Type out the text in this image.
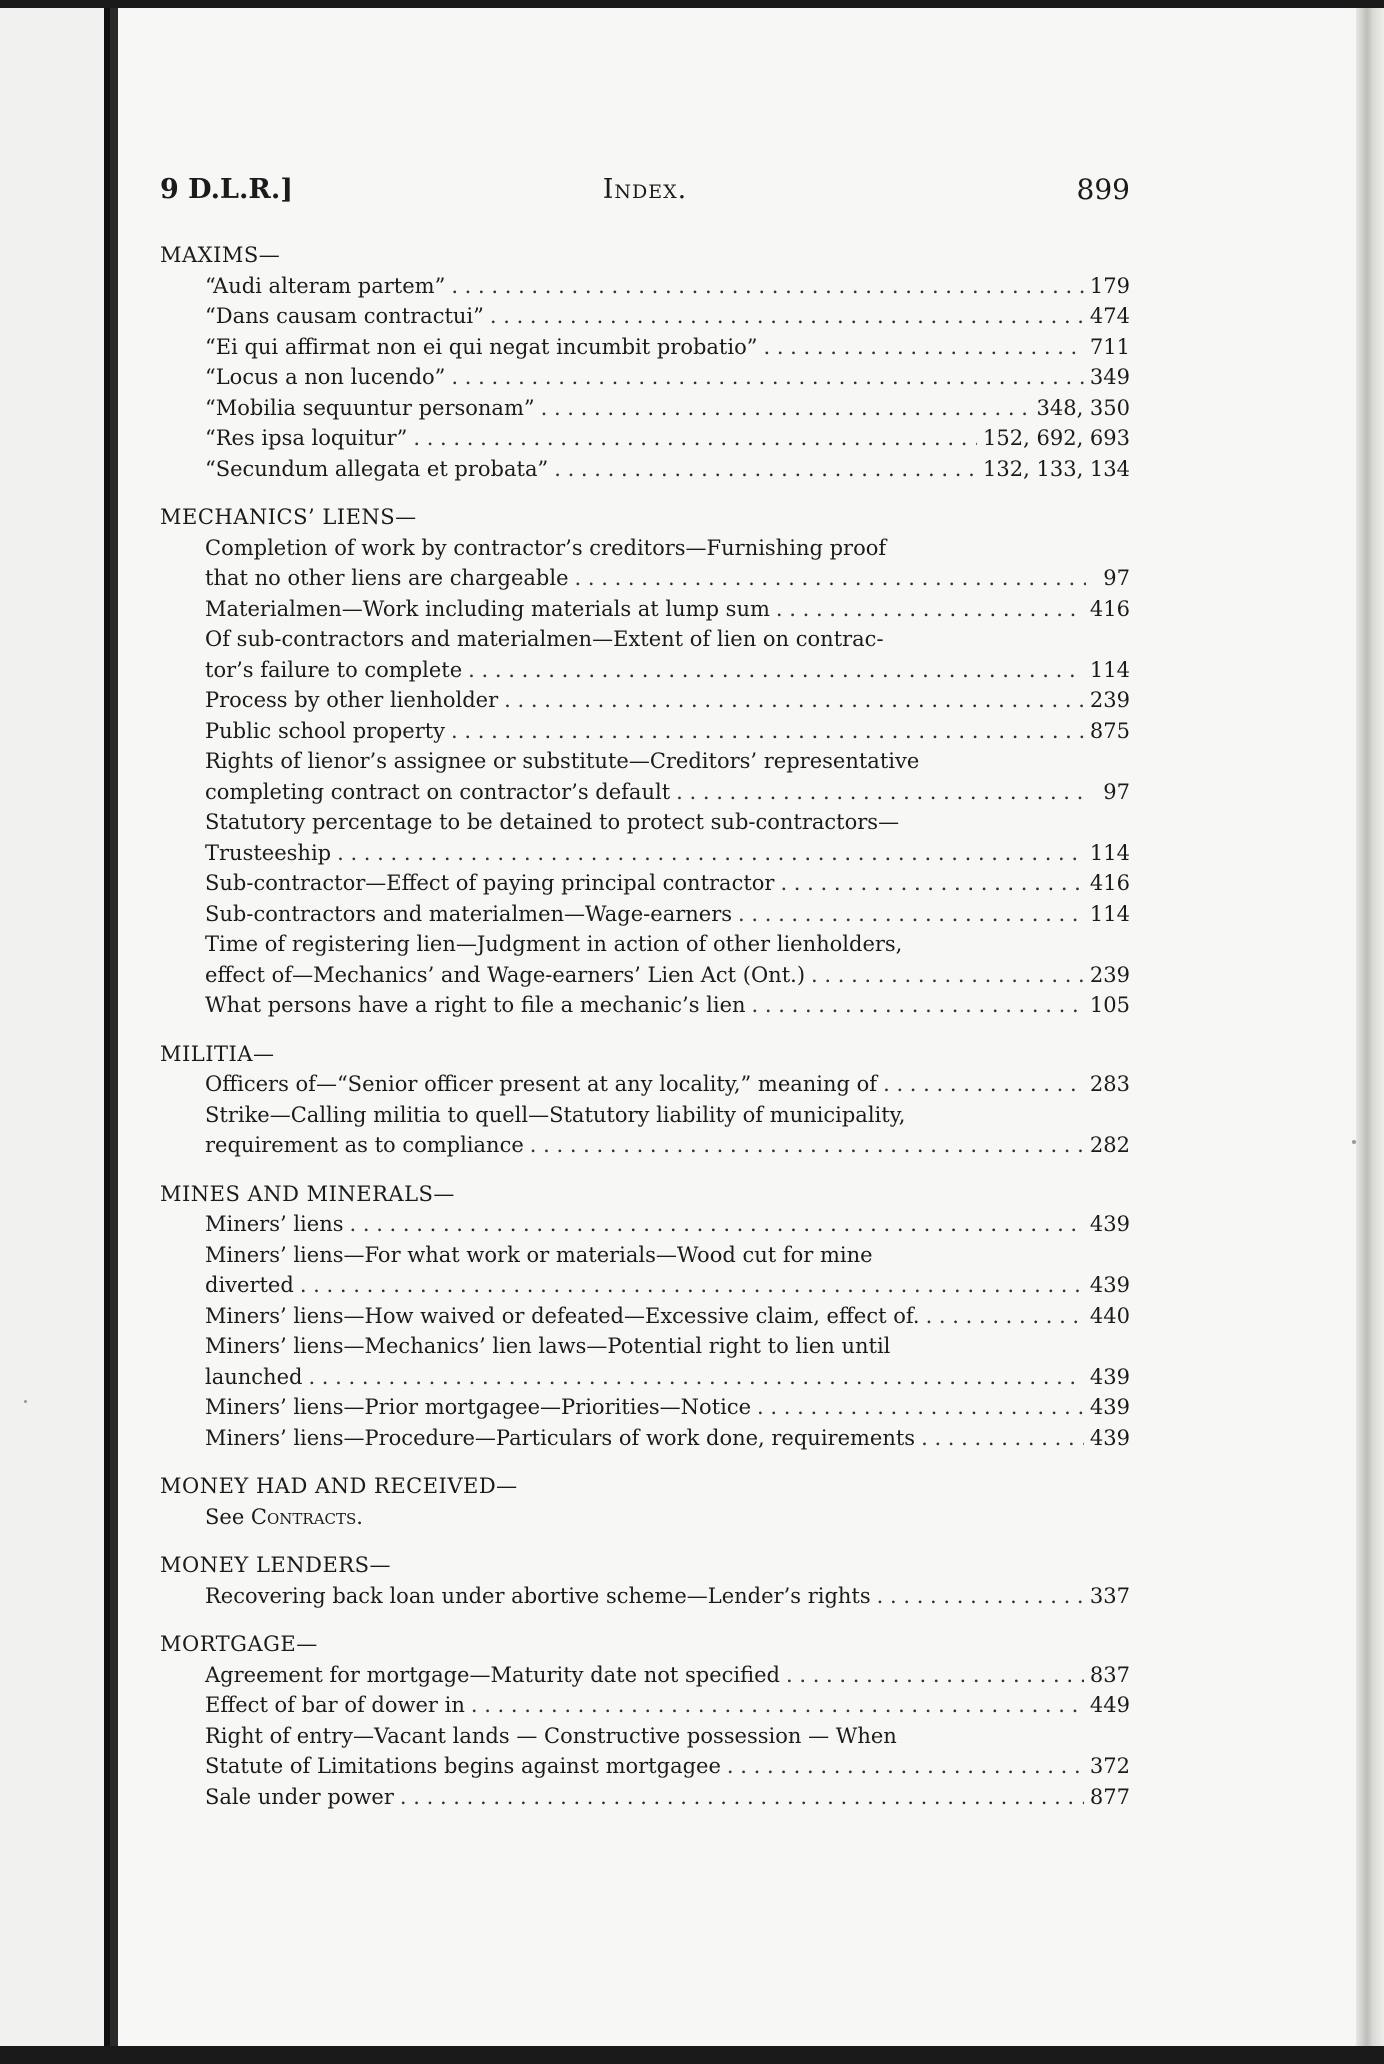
9 D.L.R.]	Index.	899
MAXIMS—
“Audi alteram partem” . . .	179
“Dans causam contractui” . . .	474
“Ei qui affirmat non ei qui negat incumbit probatio” . . .	711
“Locus a non lucendo” . . .	349
“Mobilia sequuntur personam” . . .	348, 350
“Res ipsa loquitur” . . .	152, 692, 693
“Secundum allegata et probata” . . .	132, 133, 134
MECHANICS’ LIENS—
Completion of work by contractor’s creditors—Furnishing proof
that no other liens are chargeable . . .	97
Materialmen—Work including materials at lump sum . . .	416
Of sub-contractors and materialmen—Extent of lien on contrac-
tor’s failure to complete . . .	114
Process by other lienholder . . .	239
Public school property . . .	875
Rights of lienor’s assignee or substitute—Creditors’ representative
completing contract on contractor’s default . . .	97
Statutory percentage to be detained to protect sub-contractors—
Trusteeship . . .	114
Sub-contractor—Effect of paying principal contractor . . .	416
Sub-contractors and materialmen—Wage-earners . . .	114
Time of registering lien—Judgment in action of other lienholders,
effect of—Mechanics’ and Wage-earners’ Lien Act (Ont.) . . .	239
What persons have a right to file a mechanic’s lien . . .	105
MILITIA—
Officers of—“Senior officer present at any locality,” meaning of . . .	283
Strike—Calling militia to quell—Statutory liability of municipality,
requirement as to compliance . . .	282
MINES AND MINERALS—
Miners’ liens . . .	439
Miners’ liens—For what work or materials—Wood cut for mine
diverted . . .	439
Miners’ liens—How waived or defeated—Excessive claim, effect of. . . .	440
Miners’ liens—Mechanics’ lien laws—Potential right to lien until
launched . . .	439
Miners’ liens—Prior mortgagee—Priorities—Notice . . .	439
Miners’ liens—Procedure—Particulars of work done, requirements . . .	439
MONEY HAD AND RECEIVED—
See Contracts.
MONEY LENDERS—
Recovering back loan under abortive scheme—Lender’s rights . . .	337
MORTGAGE—
Agreement for mortgage—Maturity date not specified . . .	837
Effect of bar of dower in . . .	449
Right of entry—Vacant lands — Constructive possession — When
Statute of Limitations begins against mortgagee . . .	372
Sale under power . . .	877
